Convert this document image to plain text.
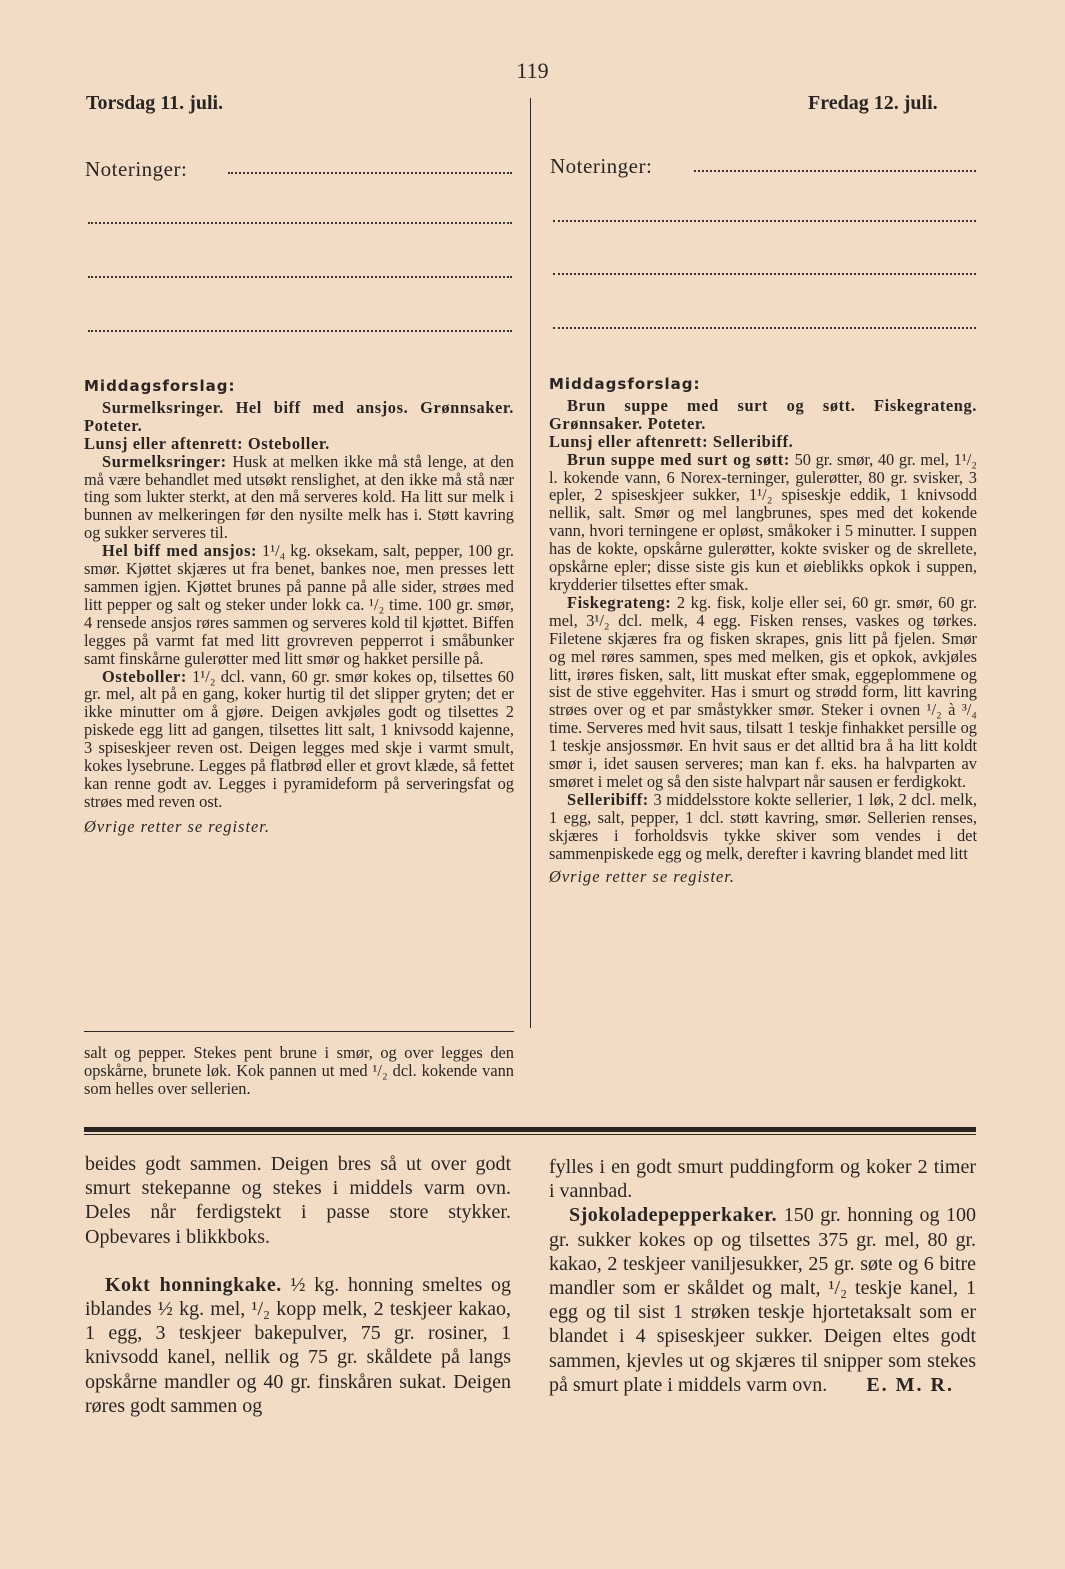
119
Torsdag 11. juli.	Fredag 12. juli.
Noteringer:	Noteringer:

Middagsforslag:

Surmelksringer. Hel biff med ansjos. Grønnsaker. Poteter.

Lunsj eller aftenrett: Osteboller.

Surmelksringer: Husk at melken ikke må stå lenge, at den må være behandlet med utsøkt renslighet, at den ikke må stå nær ting som lukter sterkt, at den må serveres kold. Ha litt sur melk i bunnen av melkeringen før den nysilte melk has i. Støtt kavring og sukker serveres til.

Hel biff med ansjos: 1¹/₄ kg. oksekam, salt, pepper, 100 gr. smør. Kjøttet skjæres ut fra benet, bankes noe, men presses lett sammen igjen. Kjøttet brunes på panne på alle sider, strøes med litt pepper og salt og steker under lokk ca. ¹/₂ time. 100 gr. smør, 4 rensede ansjos røres sammen og serveres kold til kjøttet. Biffen legges på varmt fat med litt grovreven pepperrot i småbunker samt finskårne gulerøtter med litt smør og hakket persille på.

Osteboller: 1¹/₂ dcl. vann, 60 gr. smør kokes op, tilsettes 60 gr. mel, alt på en gang, koker hurtig til det slipper gryten; det er ikke minutter om å gjøre. Deigen avkjøles godt og tilsettes 2 piskede egg litt ad gangen, tilsettes litt salt, 1 knivsodd kajenne, 3 spiseskjeer reven ost. Deigen legges med skje i varmt smult, kokes lysebrune. Legges på flatbrød eller et grovt klæde, så fettet kan renne godt av. Legges i pyramideform på serveringsfat og strøes med reven ost.

Øvrige retter se register.

salt og pepper. Stekes pent brune i smør, og over legges den opskårne, brunete løk. Kok pannen ut med ¹/₂ dcl. kokende vann som helles over sellerien.

Middagsforslag:

Brun suppe med surt og søtt. Fiskegrateng. Grønnsaker. Poteter.

Lunsj eller aftenrett: Selleribiff.

Brun suppe med surt og søtt: 50 gr. smør, 40 gr. mel, 1¹/₂ l. kokende vann, 6 Norex-terninger, gulerøtter, 80 gr. svisker, 3 epler, 2 spiseskjeer sukker, 1¹/₂ spiseskje eddik, 1 knivsodd nellik, salt. Smør og mel langbrunes, spes med det kokende vann, hvori terningene er opløst, småkoker i 5 minutter. I suppen has de kokte, opskårne gulerøtter, kokte svisker og de skrellete, opskårne epler; disse siste gis kun et øieblikks opkok i suppen, krydderier tilsettes efter smak.

Fiskegrateng: 2 kg. fisk, kolje eller sei, 60 gr. smør, 60 gr. mel, 3¹/₂ dcl. melk, 4 egg. Fisken renses, vaskes og tørkes. Filetene skjæres fra og fisken skrapes, gnis litt på fjelen. Smør og mel røres sammen, spes med melken, gis et opkok, avkjøles litt, irøres fisken, salt, litt muskat efter smak, eggeplommene og sist de stive eggehviter. Has i smurt og strødd form, litt kavring strøes over og et par småstykker smør. Steker i ovnen ¹/₂ à ³/₄ time. Serveres med hvit saus, tilsatt 1 teskje finhakket persille og 1 teskje ansjossmør. En hvit saus er det alltid bra å ha litt koldt smør i, idet sausen serveres; man kan f. eks. ha halvparten av smøret i melet og så den siste halvpart når sausen er ferdigkokt.

Selleribiff: 3 middelsstore kokte sellerier, 1 løk, 2 dcl. melk, 1 egg, salt, pepper, 1 dcl. støtt kavring, smør. Sellerien renses, skjæres i forholdsvis tykke skiver som vendes i det sammenpiskede egg og melk, derefter i kavring blandet med litt

Øvrige retter se register.

beides godt sammen. Deigen bres så ut over godt smurt stekepanne og stekes i middels varm ovn. Deles når ferdigstekt i passe store stykker. Opbevares i blikkboks.

Kokt honningkake. ½ kg. honning smeltes og iblandes ½ kg. mel, ¹/₂ kopp melk, 2 teskjeer kakao, 1 egg, 3 teskjeer bakepulver, 75 gr. rosiner, 1 knivsodd kanel, nellik og 75 gr. skåldete på langs opskårne mandler og 40 gr. finskåren sukat. Deigen røres godt sammen og

fylles i en godt smurt puddingform og koker 2 timer i vannbad.

Sjokoladepepperkaker. 150 gr. honning og 100 gr. sukker kokes op og tilsettes 375 gr. mel, 80 gr. kakao, 2 teskjeer vaniljesukker, 25 gr. søte og 6 bitre mandler som er skåldet og malt, ¹/₂ teskje kanel, 1 egg og til sist 1 strøken teskje hjortetaksalt som er blandet i 4 spiseskjeer sukker. Deigen eltes godt sammen, kjevles ut og skjæres til snipper som stekes på smurt plate i middels varm ovn.	E. M. R.
